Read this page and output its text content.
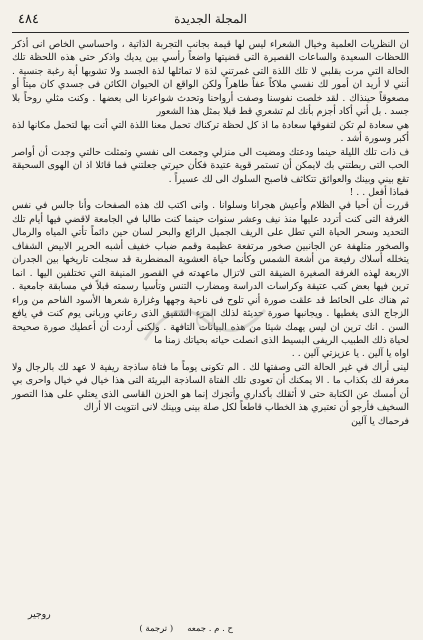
٤٨٤	المجلة الجديدة

ان النظريات العلمية وخيال الشعراء ليس لها قيمة بجانب التجربة الذاتية ، واحساسي الخاص انى أذكر اللحظات السعيدة والساعات القصيرة التى قضيتها واضعاً رأسي بين يديك واذكر حتى هذه اللحظة تلك الحالة التي مرت بقلبي لا تلك اللذة التى غمرتني لذة لا تماثلها لذة الجسد ولا تشوبها أية رغبة جنسية . أنني لا أريد ان أمور لك نفسي ملاكاً عفاً طاهراً ولكن الواقع ان الحيوان الكائن فى جسدي كان ميتاً أو مصعوقاً حينذاك . لقد خلصت نفوسنا وصفت أرواحنا وتحدث شواعرنا الى بعضها . وكنت مثلي روحاً بلا جسد . بل أني أكاد أجزم بأنك لم تشعري قط قبلا بمثل هذا الشعور

هي سعادة لم تكن لتفوقها سعادة ما اذ كل لحظة تركناك تحمل معنا اللذة التي أتت بها لتحمل مكانها لذة أكبر وسورة أشد .

ف ذات تلك الليلة حينما ودعتك ومضيت الى منزلي وجمعت الى نفسي وتمثلت حالتي وجدت أن أواصر الحب التى ربطتني بك لايمكن أن تستمر قوية عتيدة فكأن حيرتي جعلتني فما قائلا اذ ان الهوى السحيقة تقع بيني وبينك والعوائق تتكاثف فاصبح السلوك الى لك عسيراً .

فماذا أفعل . . !

قررت أن أحيا في الظلام وأعيش هجرانا وسلوانا . وانى اكتب لك هذه الصفحات وأنا جالس في نفس الغرفة التى كنت أتردد عليها منذ نيف وعشر سنوات حينما كنت طالبا في الجامعة لاقضي فيها أيام تلك التحديد وسحر الحياة التي تطل على الريف الجميل الرائع والبحر لسان حين دائماً تأتي المياه والرمال والصخور متلهفة عن الجانبين صخور مرتفعة عظيمة وقمم ضباب خفيف أشبه الحرير الابيض الشفاف يتخلله أسلاك رفيعة من أشعة الشمس وكأنما حياة العشوية المضطربة قد سجلت تاريخها بين الجدران الاربعة لهذه الغرفة الصغيرة الضيقة التى لاتزال ماعهدته في القصور المنيفة التي تختلفين اليها . انما ترين فيها بعض كتب عتيقة وكراسات الدراسة ومضارب التنس وتأسيا رسمته قبلاً في مسابقة جامعية . ثم هناك على الحائط قد علقت صورة أني تلوح فى ناحية وجهها وغزارة شعرها الأسود الفاحم من وراء الزجاج الذى يغطيها . ويجانبها صورة حديثة لذلك المرء الشقيق الذى رعاني وربانى يوم كنت في يافع السن . انك ترين ان ليس يهمك شيئا من هذه البيانات التافهة . ولكنى أردت أن أعطيك صورة صحيحة لحياة ذلك الطبيب الريفى البسيط الذى انصلت حياته بحياتك زمنا ما

اواه يا آلين . يا عزيزتي آلين . .

لينى أراك في غير الحالة التى وصفتها لك . الم تكونى يوماً ما فتاة ساذجة ريفية لا عهد لك بالرجال ولا معرفة لك بكذاب ما . الا يمكنك أن تعودى تلك الفتاة الساذجة البريئة التى هذا خيال في خيال واحرى بي أن أمسك عن الكتابة حتى لا أثقلك بأكداري وأتجزك إنما هو الحزن القاسى الذى يعتلي على هذا التصور السخيف فأرجو أن تعتبري هذ الخطاب قاطعاً لكل صلة بينى وبينك لانى انتويت الا أراك

فرحماك يا آلين

روجير
ح . م . جمعه
( ترجمة )
